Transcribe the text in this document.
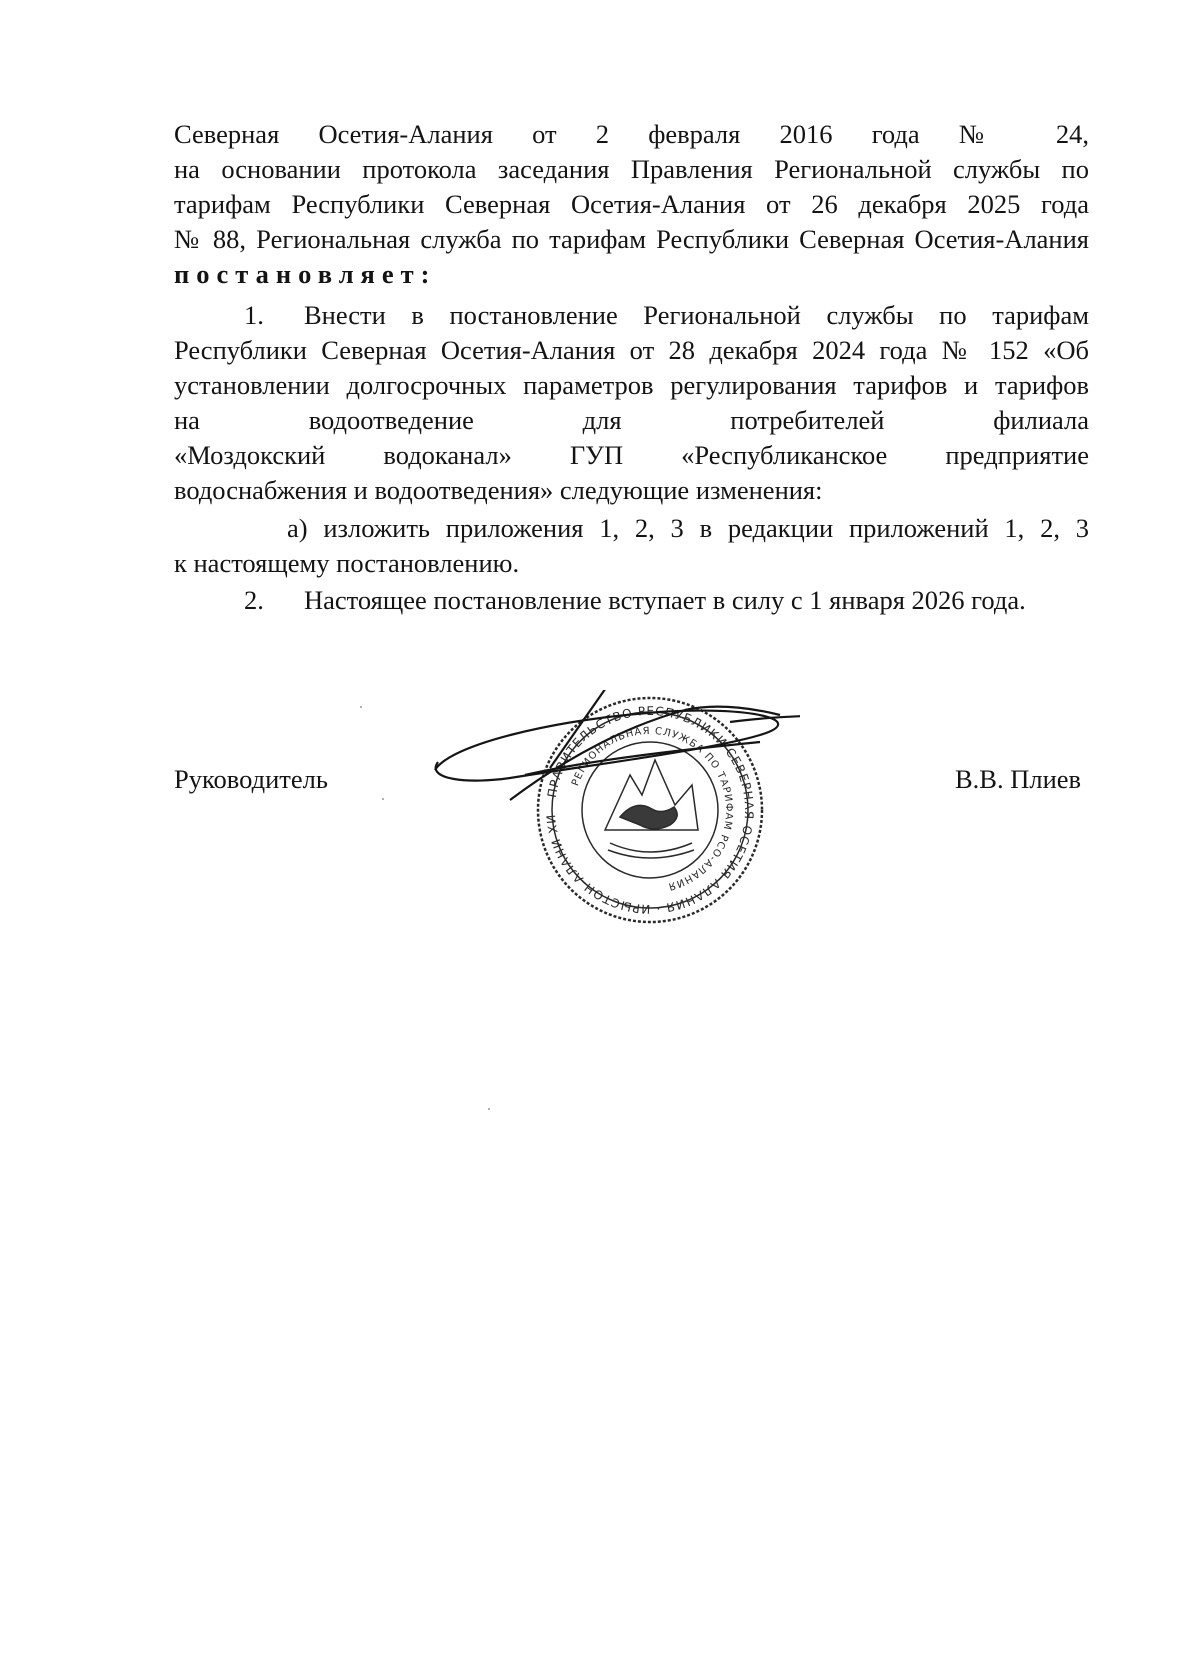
Северная Осетия-Алания от 2 февраля 2016 года № 24,
на основании протокола заседания Правления Региональной службы по
тарифам Республики Северная Осетия-Алания от 26 декабря 2025 года
№ 88, Региональная служба по тарифам Республики Северная Осетия-Алания
постановляет:
1. Внести в постановление Региональной службы по тарифам
Республики Северная Осетия-Алания от 28 декабря 2024 года № 152 «Об
установлении долгосрочных параметров регулирования тарифов и тарифов
на водоотведение для потребителей филиала
«Моздокский водоканал» ГУП «Республиканское предприятие
водоснабжения и водоотведения» следующие изменения:
а) изложить приложения 1, 2, 3 в редакции приложений 1, 2, 3
к настоящему постановлению.
2. Настоящее постановление вступает в силу с 1 января 2026 года.
Руководитель	В.В. Плиев
ПРАВИТЕЛЬСТВО РЕСПУБЛИКИ СЕВЕРНАЯ ОСЕТИЯ-АЛАНИЯ · ИРЫСТОН-АЛАНИ ХИ
РЕГИОНАЛЬНАЯ СЛУЖБА ПО ТАРИФАМ РСО-АЛАНИЯ
